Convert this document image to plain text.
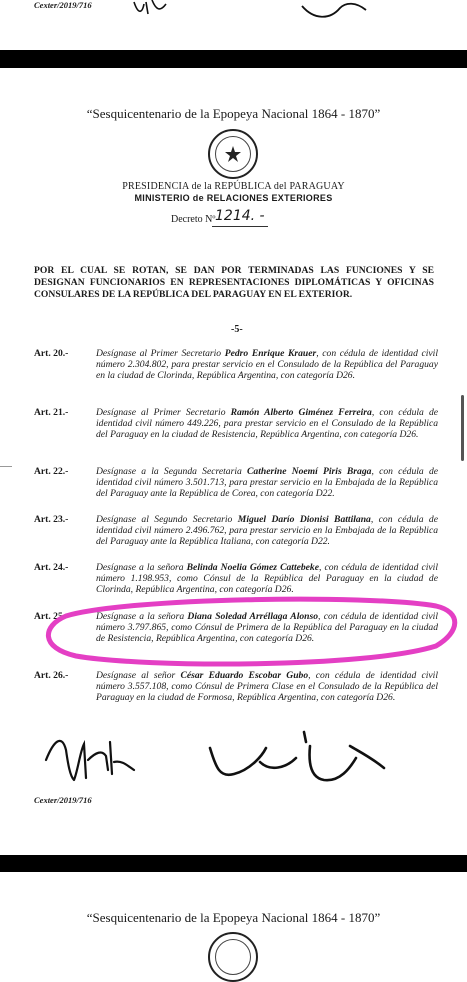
Cexter/2019/716
“Sesquicentenario de la Epopeya Nacional 1864 - 1870”
PRESIDENCIA de la REPÚBLICA del PARAGUAY
MINISTERIO de RELACIONES EXTERIORES
Decreto Nº 1214. -
POR EL CUAL SE ROTAN, SE DAN POR TERMINADAS LAS FUNCIONES Y SE DESIGNAN FUNCIONARIOS EN REPRESENTACIONES DIPLOMÁTICAS Y OFICINAS CONSULARES DE LA REPÚBLICA DEL PARAGUAY EN EL EXTERIOR.
-5-
Art. 20.-	Desígnase al Primer Secretario Pedro Enrique Krauer, con cédula de identidad civil número 2.304.802, para prestar servicio en el Consulado de la República del Paraguay en la ciudad de Clorinda, República Argentina, con categoría D26.
Art. 21.-	Desígnase al Primer Secretario Ramón Alberto Giménez Ferreira, con cédula de identidad civil número 449.226, para prestar servicio en el Consulado de la República del Paraguay en la ciudad de Resistencia, República Argentina, con categoría D26.
Art. 22.-	Desígnase a la Segunda Secretaria Catherine Noemí Piris Braga, con cédula de identidad civil número 3.501.713, para prestar servicio en la Embajada de la República del Paraguay ante la República de Corea, con categoría D22.
Art. 23.-	Desígnase al Segundo Secretario Miguel Darío Dionisi Battilana, con cédula de identidad civil número 2.496.762, para prestar servicio en la Embajada de la República del Paraguay ante la República Italiana, con categoría D22.
Art. 24.-	Desígnase a la señora Belinda Noelia Gómez Cattebeke, con cédula de identidad civil número 1.198.953, como Cónsul de la República del Paraguay en la ciudad de Clorinda, República Argentina, con categoría D26.
Art. 25.-	Desígnase a la señora Diana Soledad Arréllaga Alonso, con cédula de identidad civil número 3.797.865, como Cónsul de Primera de la República del Paraguay en la ciudad de Resistencia, República Argentina, con categoría D26.
Art. 26.-	Desígnase al señor César Eduardo Escobar Gubo, con cédula de identidad civil número 3.557.108, como Cónsul de Primera Clase en el Consulado de la República del Paraguay en la ciudad de Formosa, República Argentina, con categoría D26.
Cexter/2019/716
“Sesquicentenario de la Epopeya Nacional 1864 - 1870”
